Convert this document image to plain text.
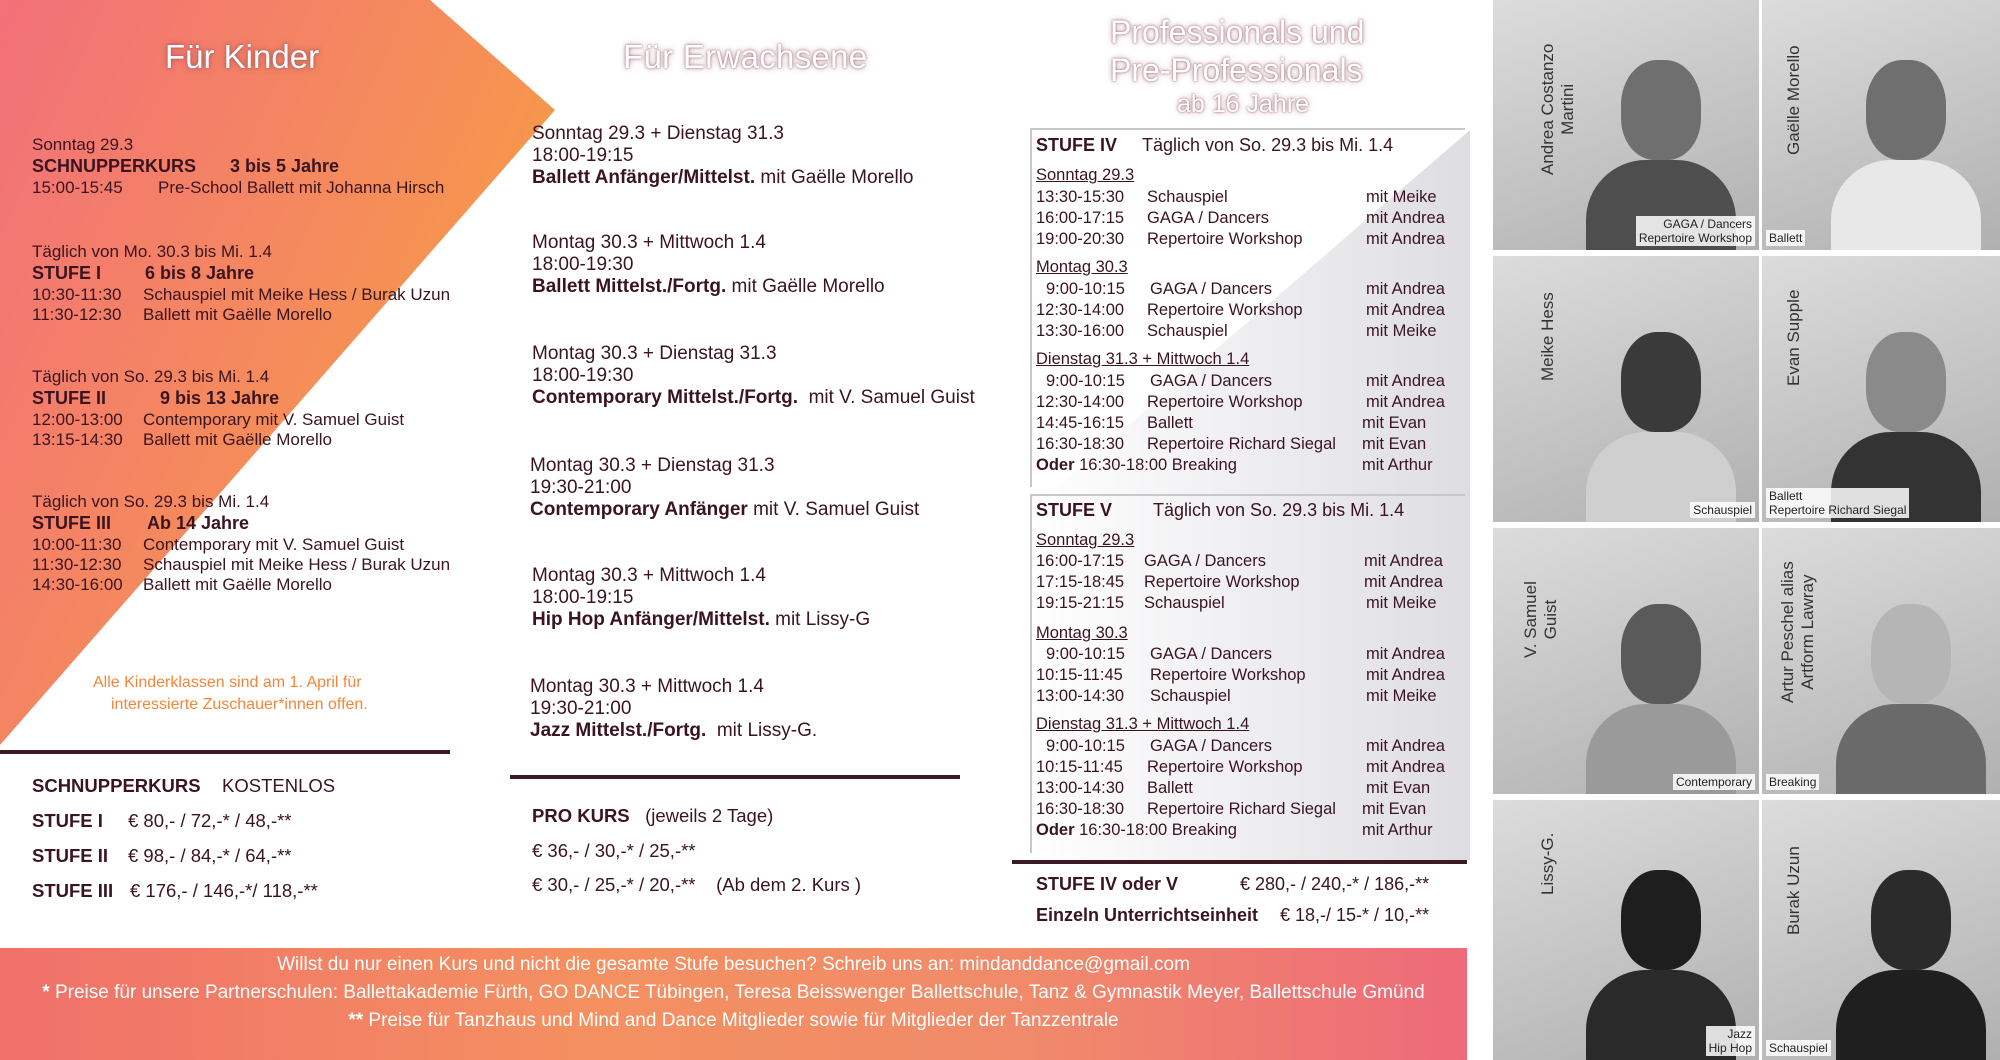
Für Kinder
Sonntag 29.3
SCHNUPPERKURS 3 bis 5 Jahre
15:00-15:45 Pre-School Ballett mit Johanna Hirsch
Täglich von Mo. 30.3 bis Mi. 1.4
STUFE I 6 bis 8 Jahre
10:30-11:30 Schauspiel mit Meike Hess / Burak Uzun
11:30-12:30 Ballett mit Gaëlle Morello
Täglich von So. 29.3 bis Mi. 1.4
STUFE II	9 bis 13 Jahre
12:00-13:00 Contemporary mit V. Samuel Guist
13:15-14:30 Ballett mit Gaëlle Morello
Täglich von So. 29.3 bis Mi. 1.4
STUFE III Ab 14 Jahre
10:00-11:30 Contemporary mit V. Samuel Guist
11:30-12:30 Schauspiel mit Meike Hess / Burak Uzun
14:30-16:00 Ballett mit Gaëlle Morello
Alle Kinderklassen sind am 1. April für
interessierte Zuschauer*innen offen.
SCHNUPPERKURS KOSTENLOS
STUFE I € 80,- / 72,-* / 48,-**
STUFE II € 98,- / 84,-* / 64,-**
STUFE III € 176,- / 146,-*/ 118,-**
Für Erwachsene
Sonntag 29.3 + Dienstag 31.3
18:00-19:15
Ballett Anfänger/Mittelst. mit Gaëlle Morello
Montag 30.3 + Mittwoch 1.4
18:00-19:30
Ballett Mittelst./Fortg. mit Gaëlle Morello
Montag 30.3 + Dienstag 31.3
18:00-19:30
Contemporary Mittelst./Fortg. mit V. Samuel Guist
Montag 30.3 + Dienstag 31.3
19:30-21:00
Contemporary Anfänger mit V. Samuel Guist
Montag 30.3 + Mittwoch 1.4
18:00-19:15
Hip Hop Anfänger/Mittelst. mit Lissy-G
Montag 30.3 + Mittwoch 1.4
19:30-21:00
Jazz Mittelst./Fortg. mit Lissy-G.
PRO KURS (jeweils 2 Tage)
€ 36,- / 30,-* / 25,-**
€ 30,- / 25,-* / 20,-** (Ab dem 2. Kurs )
Professionals und
Pre-Professionals
ab 16 Jahre
STUFE IV Täglich von So. 29.3 bis Mi. 1.4
Sonntag 29.3
13:30-15:30 Schauspiel	mit Meike
16:00-17:15 GAGA / Dancers	mit Andrea
19:00-20:30 Repertoire Workshop	mit Andrea
Montag 30.3
9:00-10:15 GAGA / Dancers	mit Andrea
12:30-14:00 Repertoire Workshop	mit Andrea
13:30-16:00 Schauspiel	mit Meike
Dienstag 31.3 + Mittwoch 1.4
9:00-10:15 GAGA / Dancers	mit Andrea
12:30-14:00 Repertoire Workshop	mit Andrea
14:45-16:15 Ballett	mit Evan
16:30-18:30 Repertoire Richard Siegal mit Evan
Oder 16:30-18:00 Breaking	mit Arthur
STUFE V Täglich von So. 29.3 bis Mi. 1.4
Sonntag 29.3
16:00-17:15 GAGA / Dancers	mit Andrea
17:15-18:45 Repertoire Workshop	mit Andrea
19:15-21:15 Schauspiel	mit Meike
Montag 30.3
9:00-10:15 GAGA / Dancers	mit Andrea
10:15-11:45 Repertoire Workshop	mit Andrea
13:00-14:30 Schauspiel	mit Meike
Dienstag 31.3 + Mittwoch 1.4
9:00-10:15 GAGA / Dancers	mit Andrea
10:15-11:45 Repertoire Workshop	mit Andrea
13:00-14:30 Ballett	mit Evan
16:30-18:30 Repertoire Richard Siegal mit Evan
Oder 16:30-18:00 Breaking	mit Arthur
STUFE IV oder V	€ 280,- / 240,-* / 186,-**
Einzeln Unterrichtseinheit € 18,-/ 15-* / 10,-**
Andrea Costanzo Martini
GAGA / Dancers
Repertoire Workshop
Gaëlle Morello
Ballett
Meike Hess
Schauspiel
Evan Supple
Ballett
Repertoire Richard Siegal
V. Samuel Guist
Contemporary
Artur Peschel alias Artform Lawray
Breaking
Lissy-G.
Jazz
Hip Hop
Burak Uzun
Schauspiel
Willst du nur einen Kurs und nicht die gesamte Stufe besuchen? Schreib uns an: mindanddance@gmail.com
* Preise für unsere Partnerschulen: Ballettakademie Fürth, GO DANCE Tübingen, Teresa Beisswenger Ballettschule, Tanz & Gymnastik Meyer, Ballettschule Gmünd
** Preise für Tanzhaus und Mind and Dance Mitglieder sowie für Mitglieder der Tanzzentrale
